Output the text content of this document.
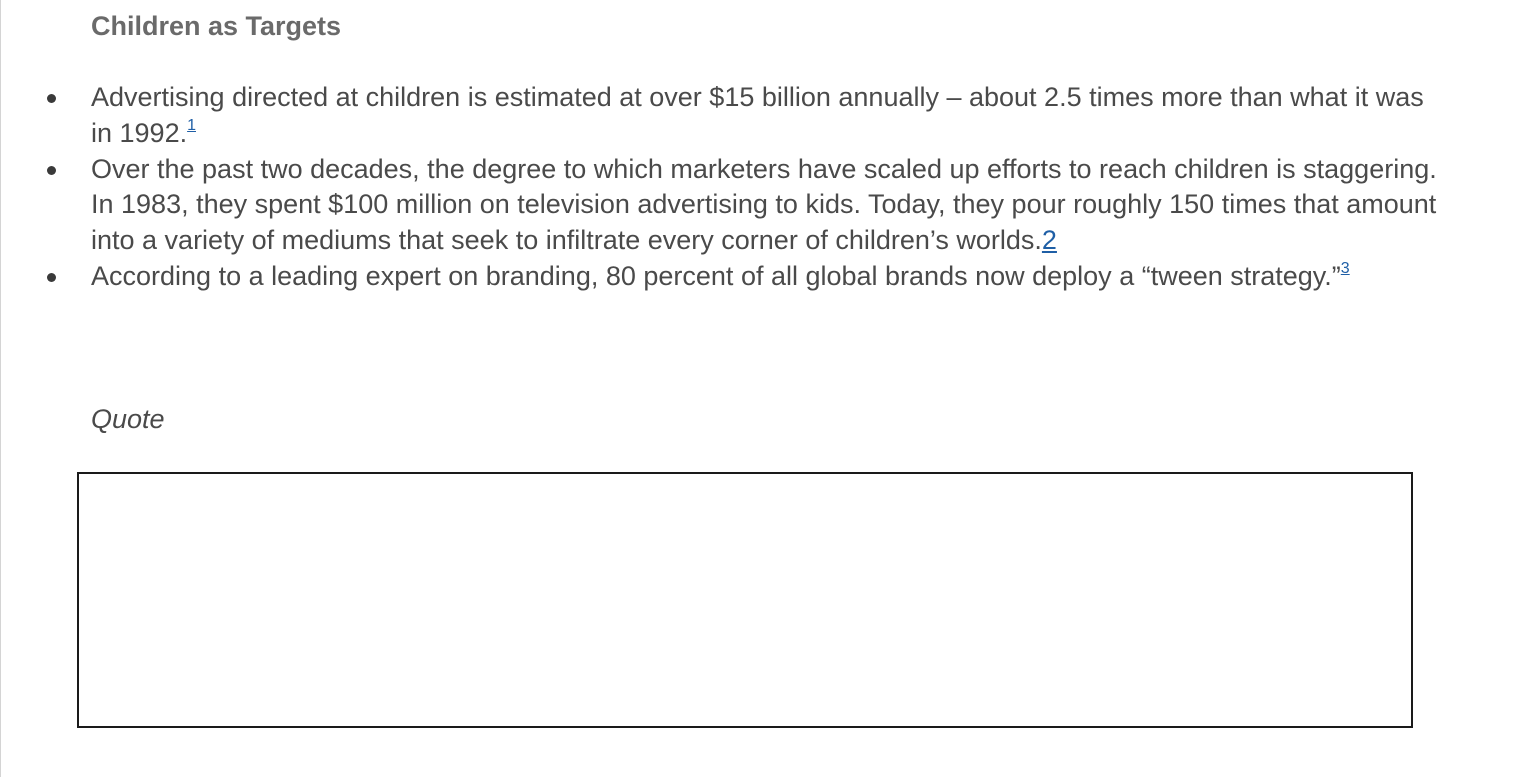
Children as Targets
Advertising directed at children is estimated at over $15 billion annually – about 2.5 times more than what it was in 1992.$^1$
Over the past two decades, the degree to which marketers have scaled up efforts to reach children is staggering. In 1983, they spent $100 million on television advertising to kids. Today, they pour roughly 150 times that amount into a variety of mediums that seek to infiltrate every corner of children’s worlds.2
According to a leading expert on branding, 80 percent of all global brands now deploy a “tween strategy.”$^3$

Quote
